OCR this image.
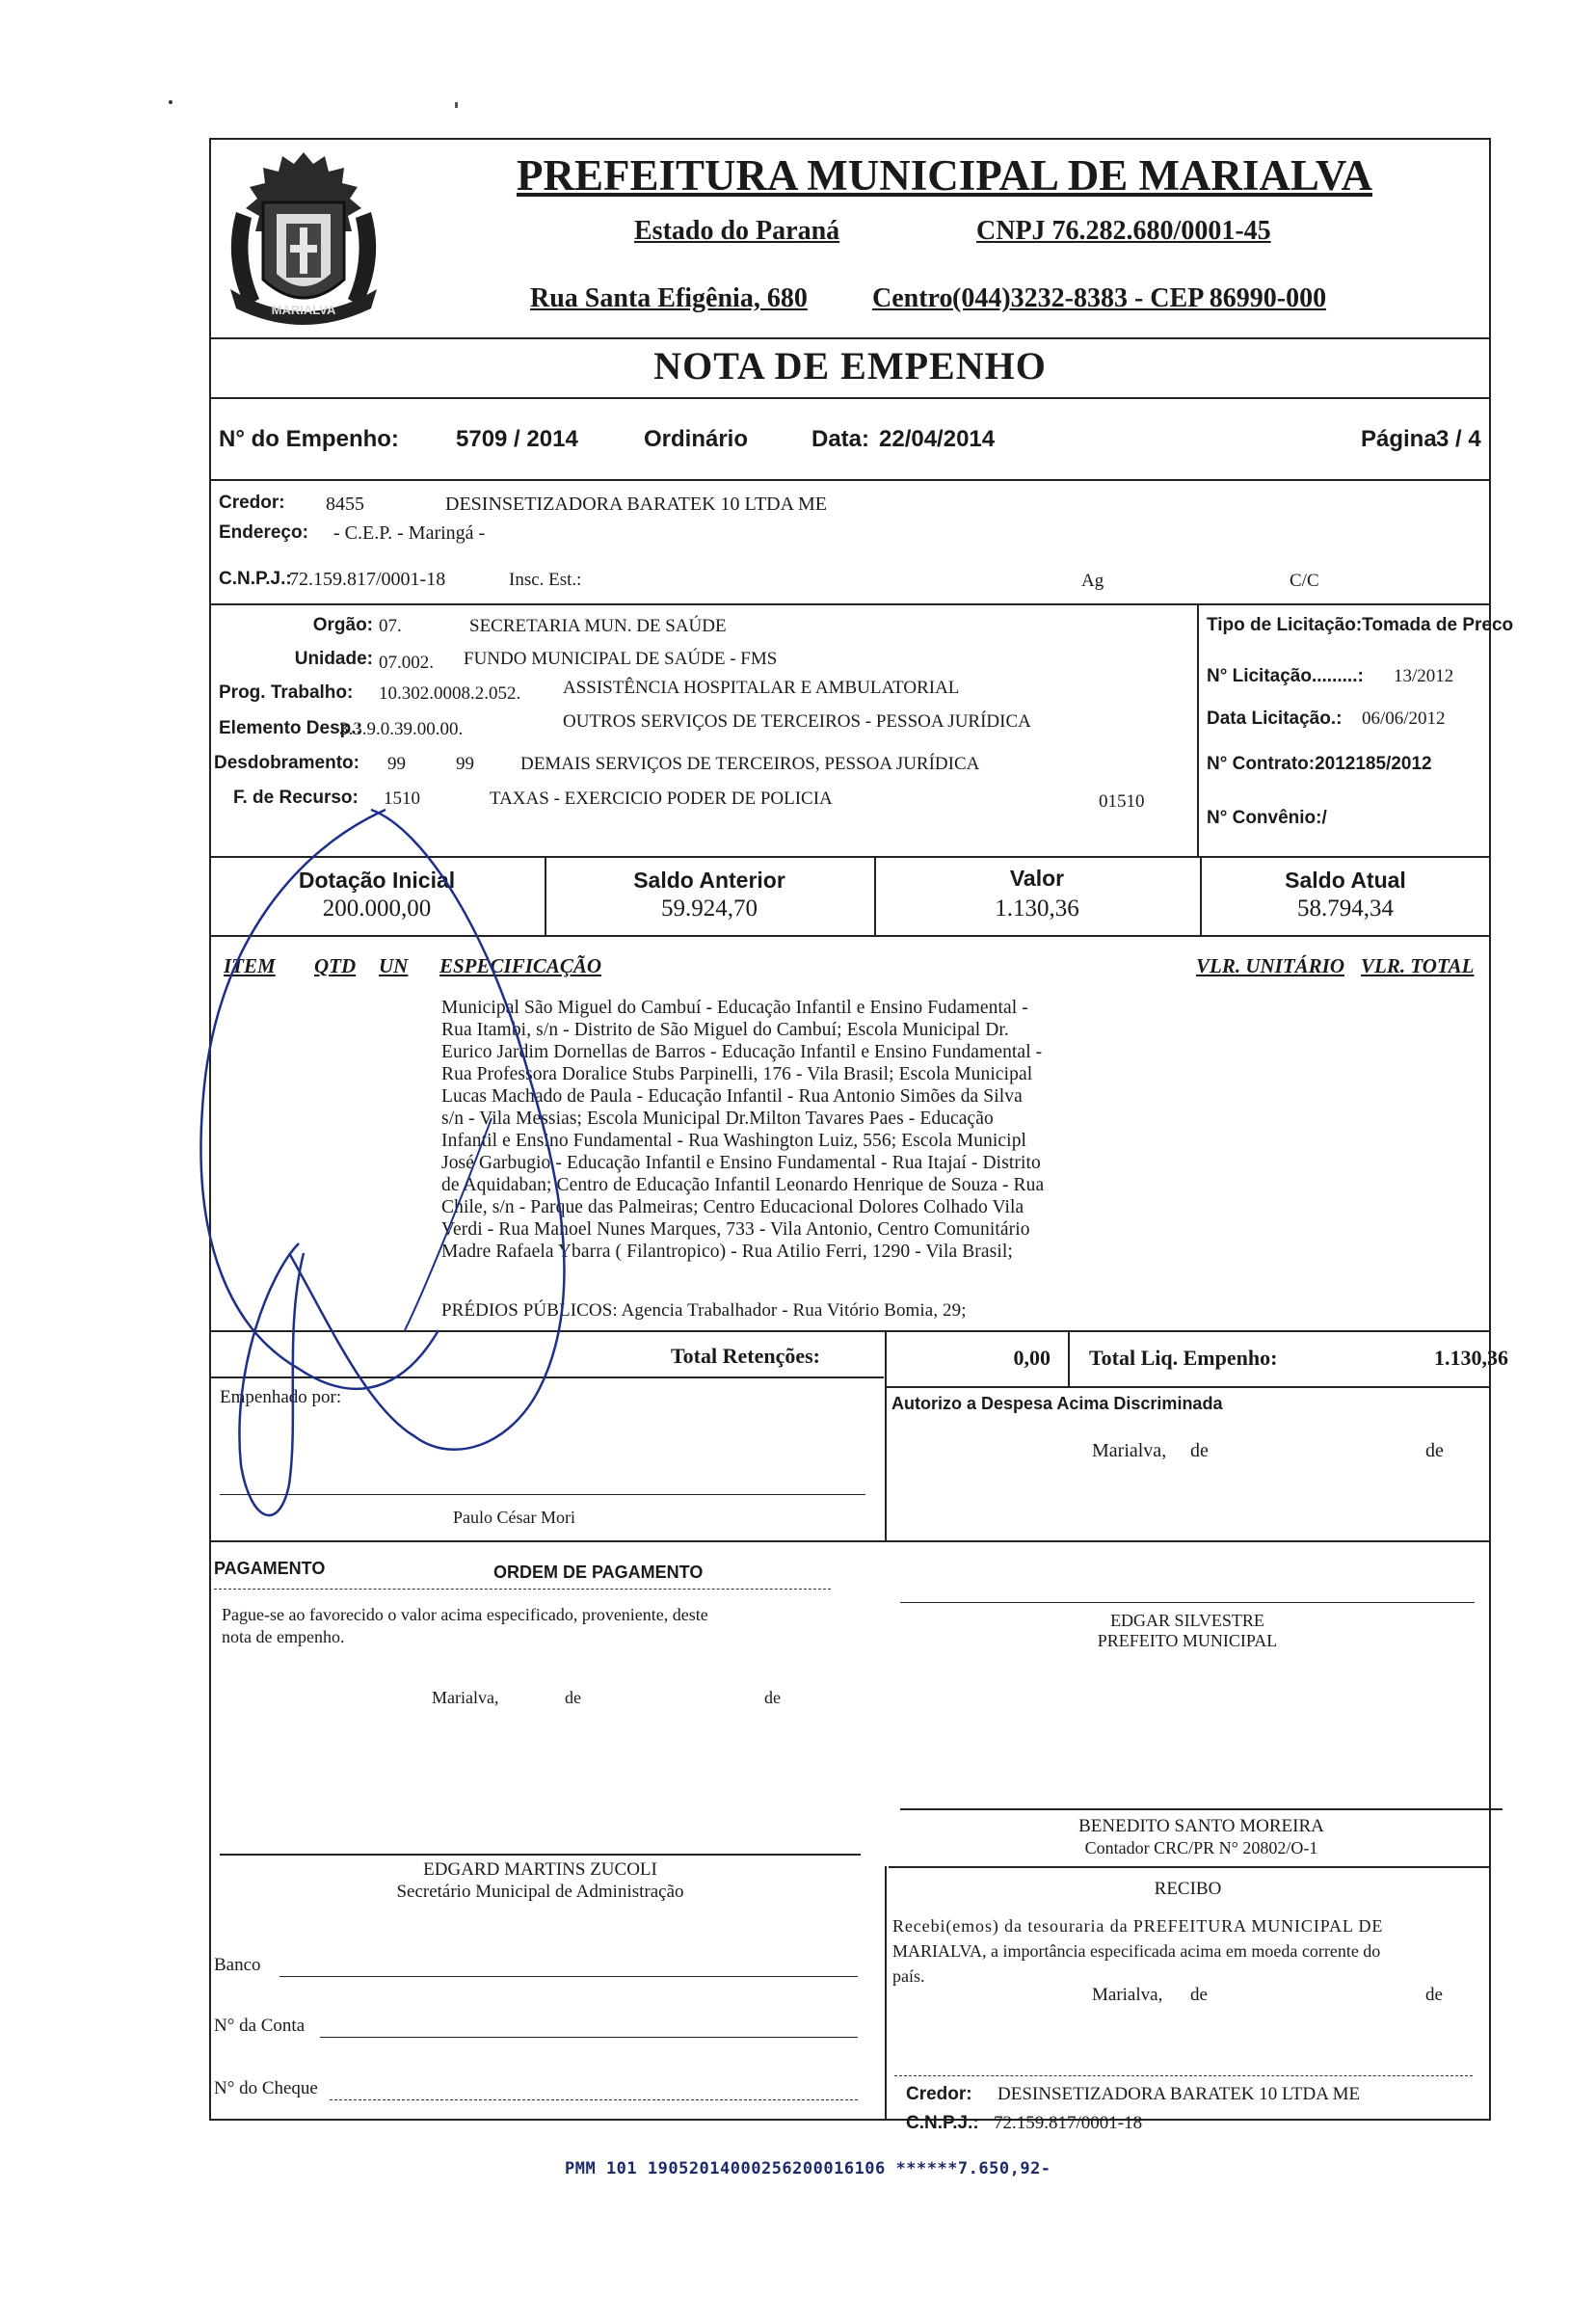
MARIALVA
PREFEITURA MUNICIPAL DE MARIALVA
Estado do Paraná	CNPJ 76.282.680/0001-45
Rua Santa Efigênia, 680 Centro (044)3232-8383 - CEP 86990-000
NOTA DE EMPENHO
N° do Empenho: 5709 / 2014	Ordinário	Data: 22/04/2014	Página 3 / 4
Credor: 8455	DESINSETIZADORA BARATEK 10 LTDA ME
Endereço: - C.E.P. - Maringá -
C.N.P.J.:
72.159.817/0001-18	Insc. Est.:	Ag	C/C
Orgão: 07.	SECRETARIA MUN. DE SAÚDE
Unidade: 07.002. FUNDO MUNICIPAL DE SAÚDE - FMS
Prog. Trabalho: 10.302.0008.2.052. ASSISTÊNCIA HOSPITALAR E AMBULATORIAL
Elemento Desp.:
3.3.9.0.39.00.00.	OUTROS SERVIÇOS DE TERCEIROS - PESSOA JURÍDICA
Desdobramento: 99	99	DEMAIS SERVIÇOS DE TERCEIROS, PESSOA JURÍDICA
F. de Recurso: 1510	TAXAS - EXERCICIO PODER DE POLICIA	01510
Tipo de Licitação:Tomada de Preco
N° Licitação.........: 13/2012
Data Licitação.: 06/06/2012
N° Contrato:2012185/2012
N° Convênio:/
Dotação Inicial
200.000,00
Saldo Anterior
59.924,70
Valor
1.130,36
Saldo Atual
58.794,34
ITEM QTD UN ESPECIFICAÇÃO	VLR. UNITÁRIO VLR. TOTAL
Municipal São Miguel do Cambuí - Educação Infantil e Ensino Fudamental -
Rua Itambi, s/n - Distrito de São Miguel do Cambuí; Escola Municipal Dr.
Eurico Jardim Dornellas de Barros - Educação Infantil e Ensino Fundamental -
Rua Professora Doralice Stubs Parpinelli, 176 - Vila Brasil; Escola Municipal
Lucas Machado de Paula - Educação Infantil - Rua Antonio Simões da Silva
s/n - Vila Messias; Escola Municipal Dr.Milton Tavares Paes - Educação
Infantil e Ensino Fundamental - Rua Washington Luiz, 556; Escola Municipl
José Garbugio - Educação Infantil e Ensino Fundamental - Rua Itajaí - Distrito
de Aquidaban; Centro de Educação Infantil Leonardo Henrique de Souza - Rua
Chile, s/n - Parque das Palmeiras; Centro Educacional Dolores Colhado Vila
Verdi - Rua Manoel Nunes Marques, 733 - Vila Antonio, Centro Comunitário
Madre Rafaela Ybarra ( Filantropico) - Rua Atilio Ferri, 1290 - Vila Brasil;
PRÉDIOS PÚBLICOS: Agencia Trabalhador - Rua Vitório Bomia, 29;
Total Retenções:	0,00 Total Liq. Empenho:	1.130,36
Empenhado por:
Paulo César Mori
Autorizo a Despesa Acima Discriminada
Marialva, de	de
PAGAMENTO	ORDEM DE PAGAMENTO
Pague-se ao favorecido o valor acima especificado, proveniente, deste
nota de empenho.
Marialva,	de	de
EDGAR SILVESTRE
PREFEITO MUNICIPAL
BENEDITO SANTO MOREIRA
Contador CRC/PR N° 20802/O-1
EDGARD MARTINS ZUCOLI
Secretário Municipal de Administração	RECIBO
Recebi(emos) da tesouraria da PREFEITURA MUNICIPAL DE
MARIALVA, a importância especificada acima em moeda corrente do
país.
Marialva, de	de
Credor: DESINSETIZADORA BARATEK 10 LTDA ME
C.N.P.J.: 72.159.817/0001-18
Banco
N° da Conta
N° do Cheque
PMM 101 19052014000256200016106 ******7.650,92-
